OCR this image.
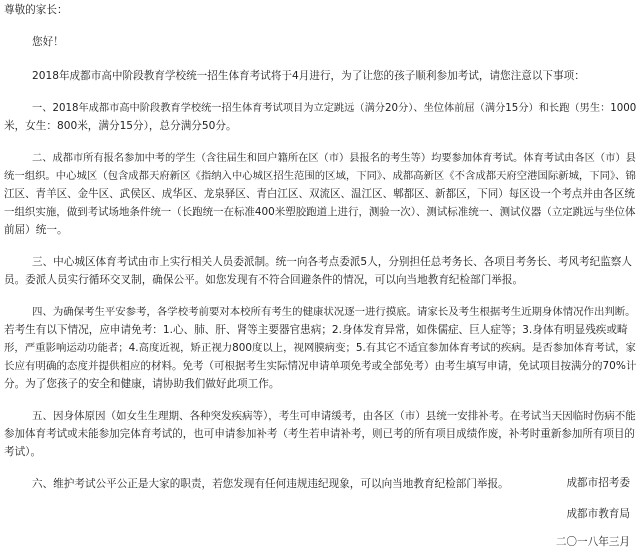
尊敬的家长：

您好！

2018年成都市高中阶段教育学校统一招生体育考试将于4月进行，为了让您的孩子顺利参加考试，请您注意以下事项：

一、2018年成都市高中阶段教育学校统一招生体育考试项目为立定跳远（满分20分）、坐位体前屈（满分15分）和长跑（男生：1000

米，女生：800米，满分15分），总分满分50分。

二、成都市所有报名参加中考的学生（含往届生和回户籍所在区（市）县报名的考生等）均要参加体育考试。体育考试由各区（市）县

统一组织。中心城区（包含成都天府新区《指纳入中心城区招生范围的区域，下同》、成都高新区《不含成都天府空港国际新城，下同》、锦

江区、青羊区、金牛区、武侯区、成华区、龙泉驿区、青白江区、双流区、温江区、郫都区、新都区，下同）每区设一个考点并由各区统

一组织实施，做到考试场地条件统一（长跑统一在标准400米塑胶跑道上进行，测验一次）、测试标准统一、测试仪器（立定跳远与坐位体

前屈）统一。

三、中心城区体育考试由市上实行相关人员委派制。统一向各考点委派5人，分别担任总考务长、各项目考务长、考风考纪监察人

员。委派人员实行循环交叉制，确保公平。如您发现有不符合回避条件的情况，可以向当地教育纪检部门举报。

四、为确保考生平安参考，各学校考前要对本校所有考生的健康状况逐一进行摸底。请家长及考生根据考生近期身体情况作出判断。

若考生有以下情况，应申请免考：1.心、肺、肝、肾等主要器官患病；2.身体发育异常，如侏儒症、巨人症等；3.身体有明显残疾或畸

形，严重影响运动功能者；4.高度近视，矫正视力800度以上，视网膜病变；5.有其它不适宜参加体育考试的疾病。是否参加体育考试，家

长应有明确的态度并提供相应的材料。免考（可根据考生实际情况申请单项免考或全部免考）由考生填写申请，免试项目按满分的70%计

分。为了您孩子的安全和健康，请协助我们做好此项工作。

五、因身体原因（如女生生理期、各种突发疾病等），考生可申请缓考，由各区（市）县统一安排补考。在考试当天因临时伤病不能

参加体育考试或未能参加完体育考试的，也可申请参加补考（考生若申请补考，则已考的所有项目成绩作废，补考时重新参加所有项目的

考试）。

六、维护考试公平公正是大家的职责，若您发现有任何违规违纪现象，可以向当地教育纪检部门举报。	成都市招考委

成都市教育局

二〇一八年三月
